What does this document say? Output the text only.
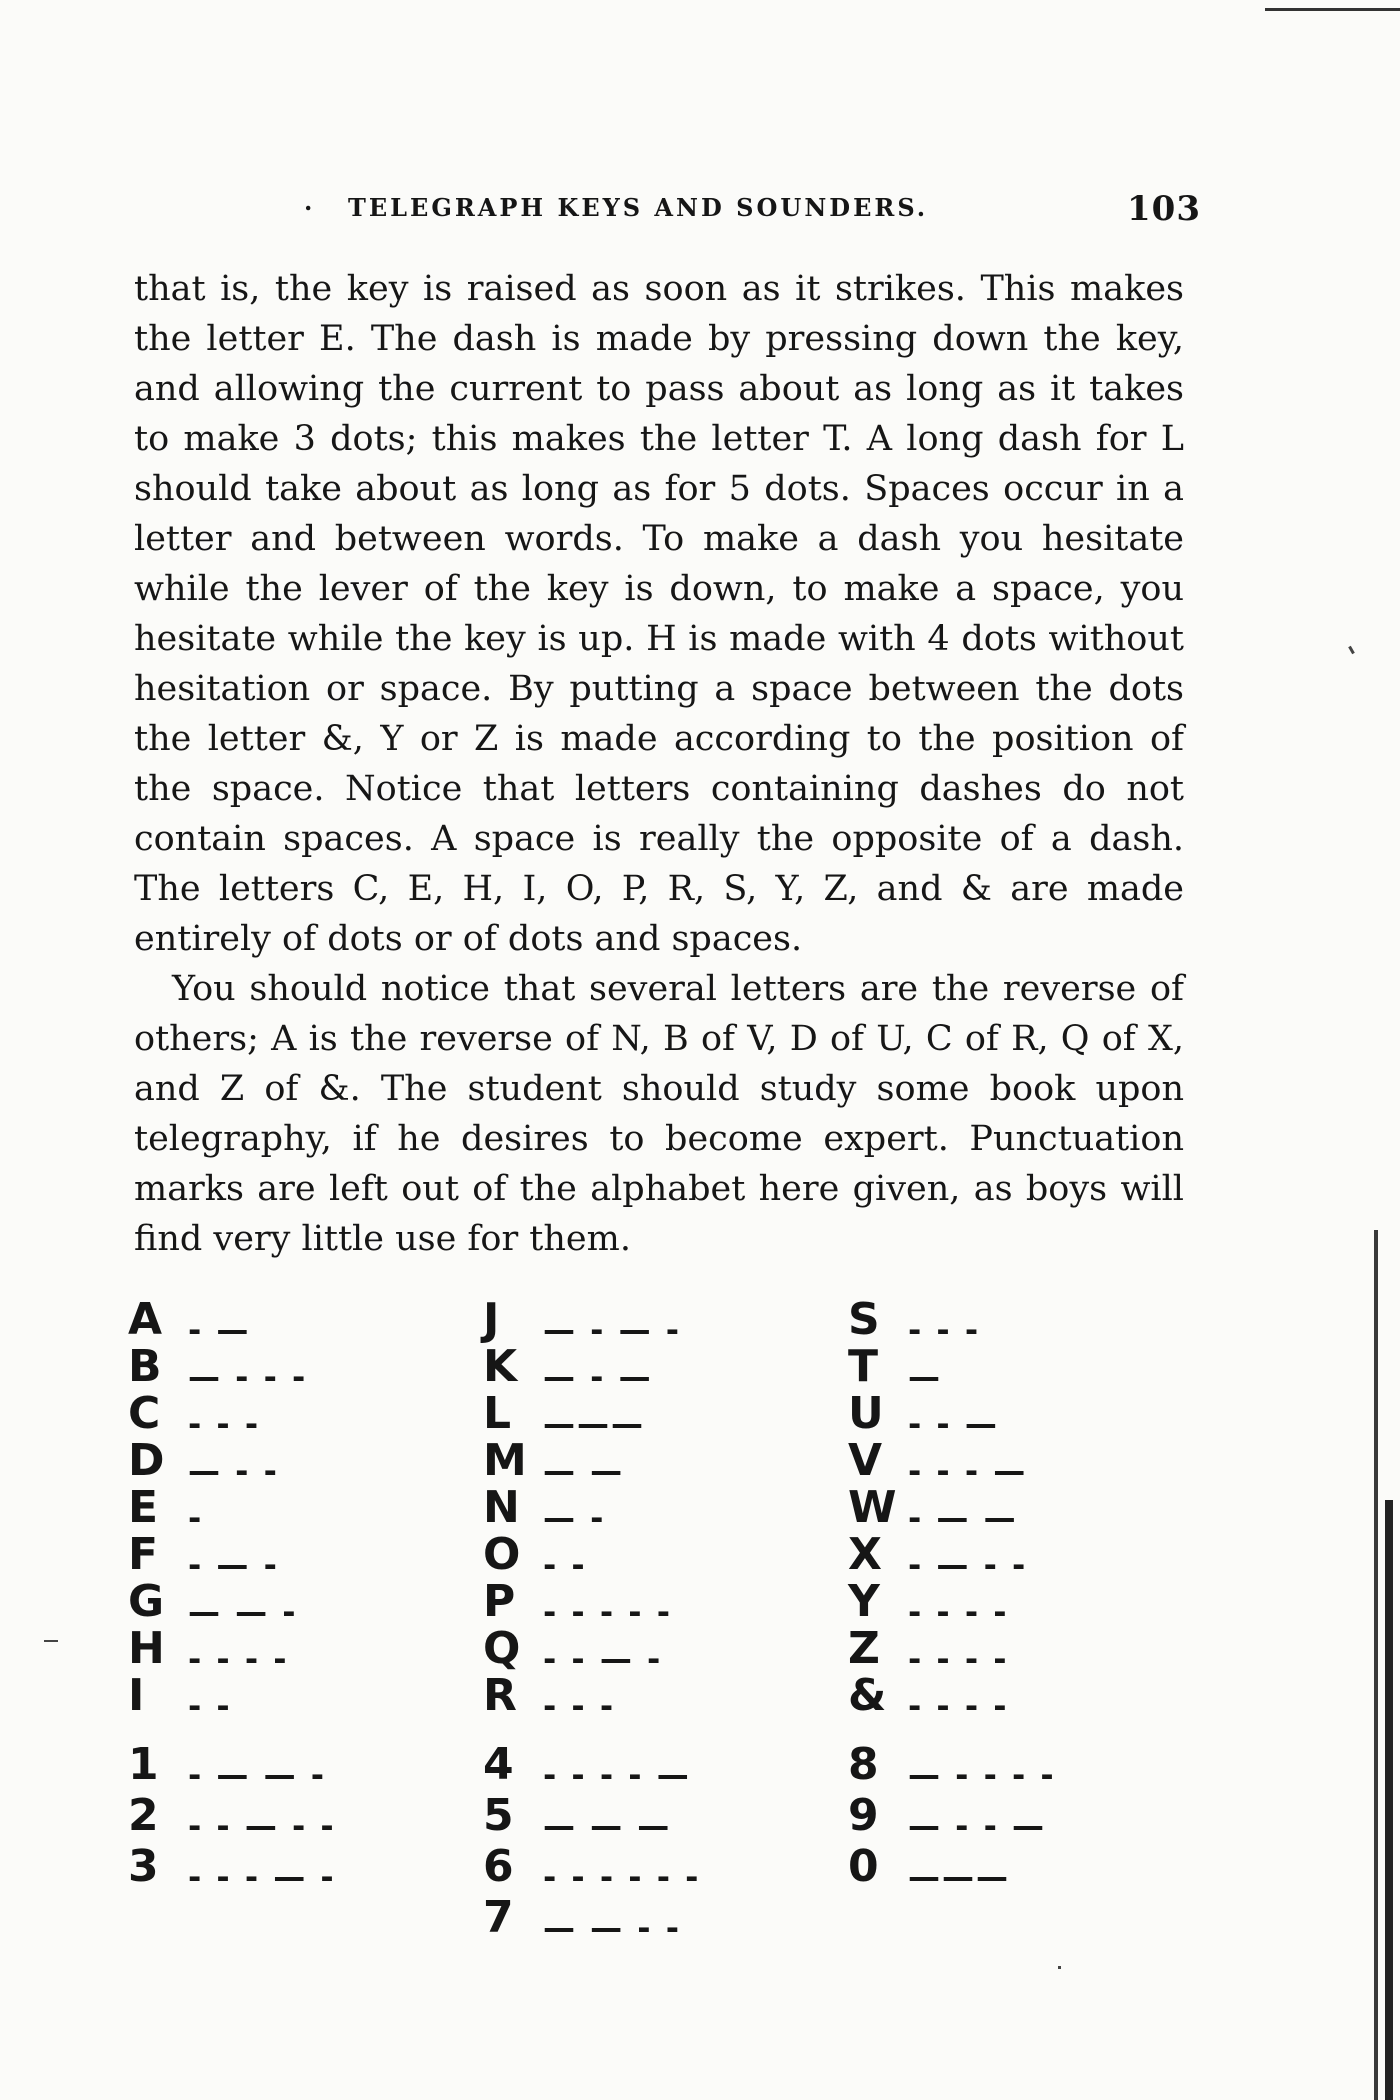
. TELEGRAPH KEYS AND SOUNDERS.	103

that is, the key is raised as soon as it strikes. This makes the letter E. The dash is made by pressing down the key, and allowing the current to pass about as long as it takes to make 3 dots; this makes the letter T. A long dash for L should take about as long as for 5 dots. Spaces occur in a letter and between words. To make a dash you hesitate while the lever of the key is down, to make a space, you hesitate while the key is up. H is made with 4 dots without hesitation or space. By putting a space between the dots the letter &, Y or Z is made according to the position of the space. Notice that letters containing dashes do not contain spaces. A space is really the opposite of a dash. The letters C, E, H, I, O, P, R, S, Y, Z, and & are made entirely of dots or of dots and spaces.

You should notice that several letters are the reverse of others; A is the reverse of N, B of V, D of U, C of R, Q of X, and Z of &. The student should study some book upon telegraphy, if he desires to become expert. Punctuation marks are left out of the alphabet here given, as boys will find very little use for them.

A - —
B — - - -
C - - -
D — - -
E -
F - — -
G — — -
H - - - -
I - -
1 - — — -
2 - - — - -
3 - - - — -
J — - — -
K — - —
L ———
M — —
N — -
O - -
P - - - - -
Q - - — -
R - - -
4 - - - - —
5 — — —
6 - - - - - -
7 — — - -
S - - -
T —
U - - —
V - - - —
W - — —
X - — - -
Y - - - -
Z - - - -
& - - - -
8 — - - - -
9 — - - —
0 ———
